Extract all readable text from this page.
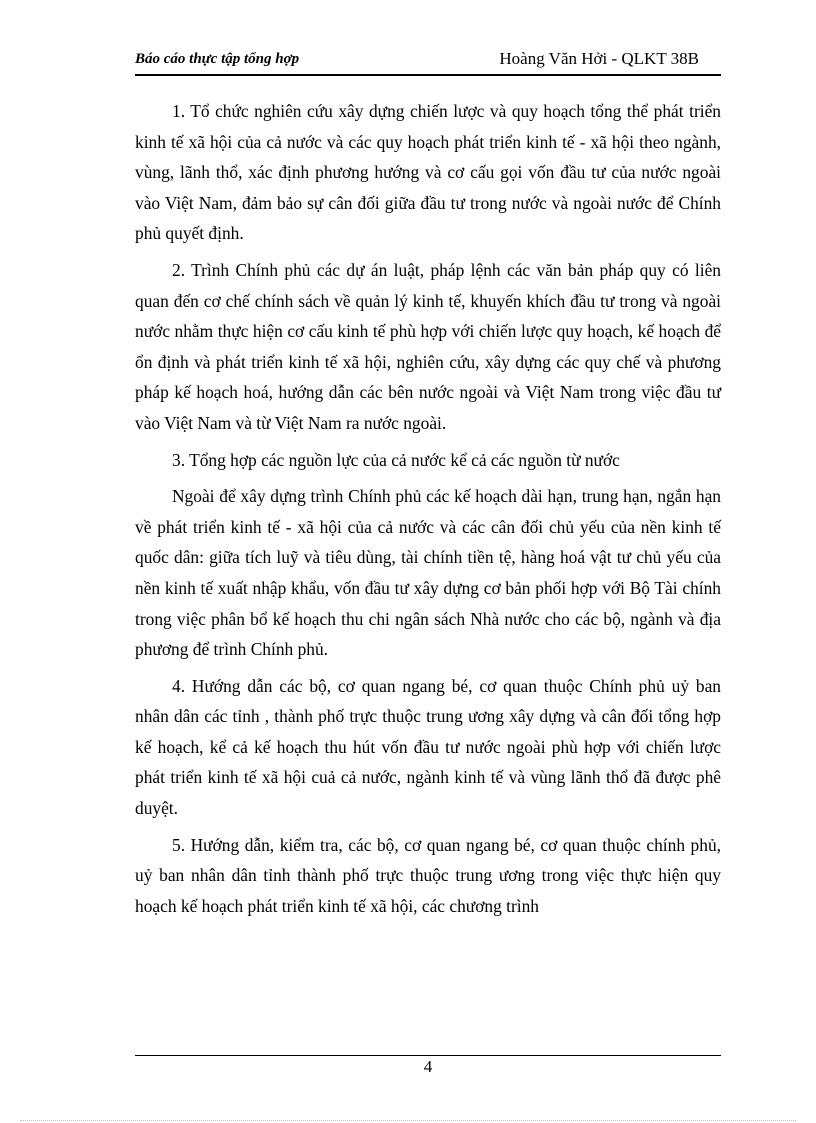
Báo cáo thực tập tổng hợp	Hoàng Văn Hởi - QLKT 38B

1. Tổ chức nghiên cứu xây dựng chiến lược và quy hoạch tổng thể phát triển kinh tế xã hội của cả nước và các quy hoạch phát triển kinh tế - xã hội theo ngành, vùng, lãnh thổ, xác định phương hướng và cơ cấu gọi vốn đầu tư của nước ngoài vào Việt Nam, đảm bảo sự cân đối giữa đầu tư trong nước và ngoài nước để Chính phủ quyết định.

2. Trình Chính phủ các dự án luật, pháp lệnh các văn bản pháp quy có liên quan đến cơ chế chính sách về quản lý kinh tế, khuyến khích đầu tư trong và ngoài nước nhằm thực hiện cơ cấu kinh tế phù hợp với chiến lược quy hoạch, kế hoạch để ổn định và phát triển kinh tế xã hội, nghiên cứu, xây dựng các quy chế và phương pháp kế hoạch hoá, hướng dẫn các bên nước ngoài và Việt Nam trong việc đầu tư vào Việt Nam và từ Việt Nam ra nước ngoài.

3. Tổng hợp các nguồn lực của cả nước kể cả các nguồn từ nước

Ngoài để xây dựng trình Chính phủ các kế hoạch dài hạn, trung hạn, ngắn hạn về phát triển kinh tế - xã hội của cả nước và các cân đối chủ yếu của nền kinh tế quốc dân: giữa tích luỹ và tiêu dùng, tài chính tiền tệ, hàng hoá vật tư chủ yếu của nền kinh tế xuất nhập khẩu, vốn đầu tư xây dựng cơ bản phối hợp với Bộ Tài chính trong việc phân bổ kế hoạch thu chi ngân sách Nhà nước cho các bộ, ngành và địa phương để trình Chính phủ.

4. Hướng dẫn các bộ, cơ quan ngang bé, cơ quan thuộc Chính phủ uỷ ban nhân dân các tỉnh , thành phố trực thuộc trung ương xây dựng và cân đối tổng hợp kế hoạch, kể cả kế hoạch thu hút vốn đầu tư nước ngoài phù hợp với chiến lược phát triển kinh tế xã hội cuả cả nước, ngành kinh tế và vùng lãnh thổ đã được phê duyệt.

5. Hướng dẫn, kiểm tra, các bộ, cơ quan ngang bé, cơ quan thuộc chính phủ, uỷ ban nhân dân tỉnh thành phố trực thuộc trung ương trong việc thực hiện quy hoạch kế hoạch phát triển kinh tế xã hội, các chương trình

4
